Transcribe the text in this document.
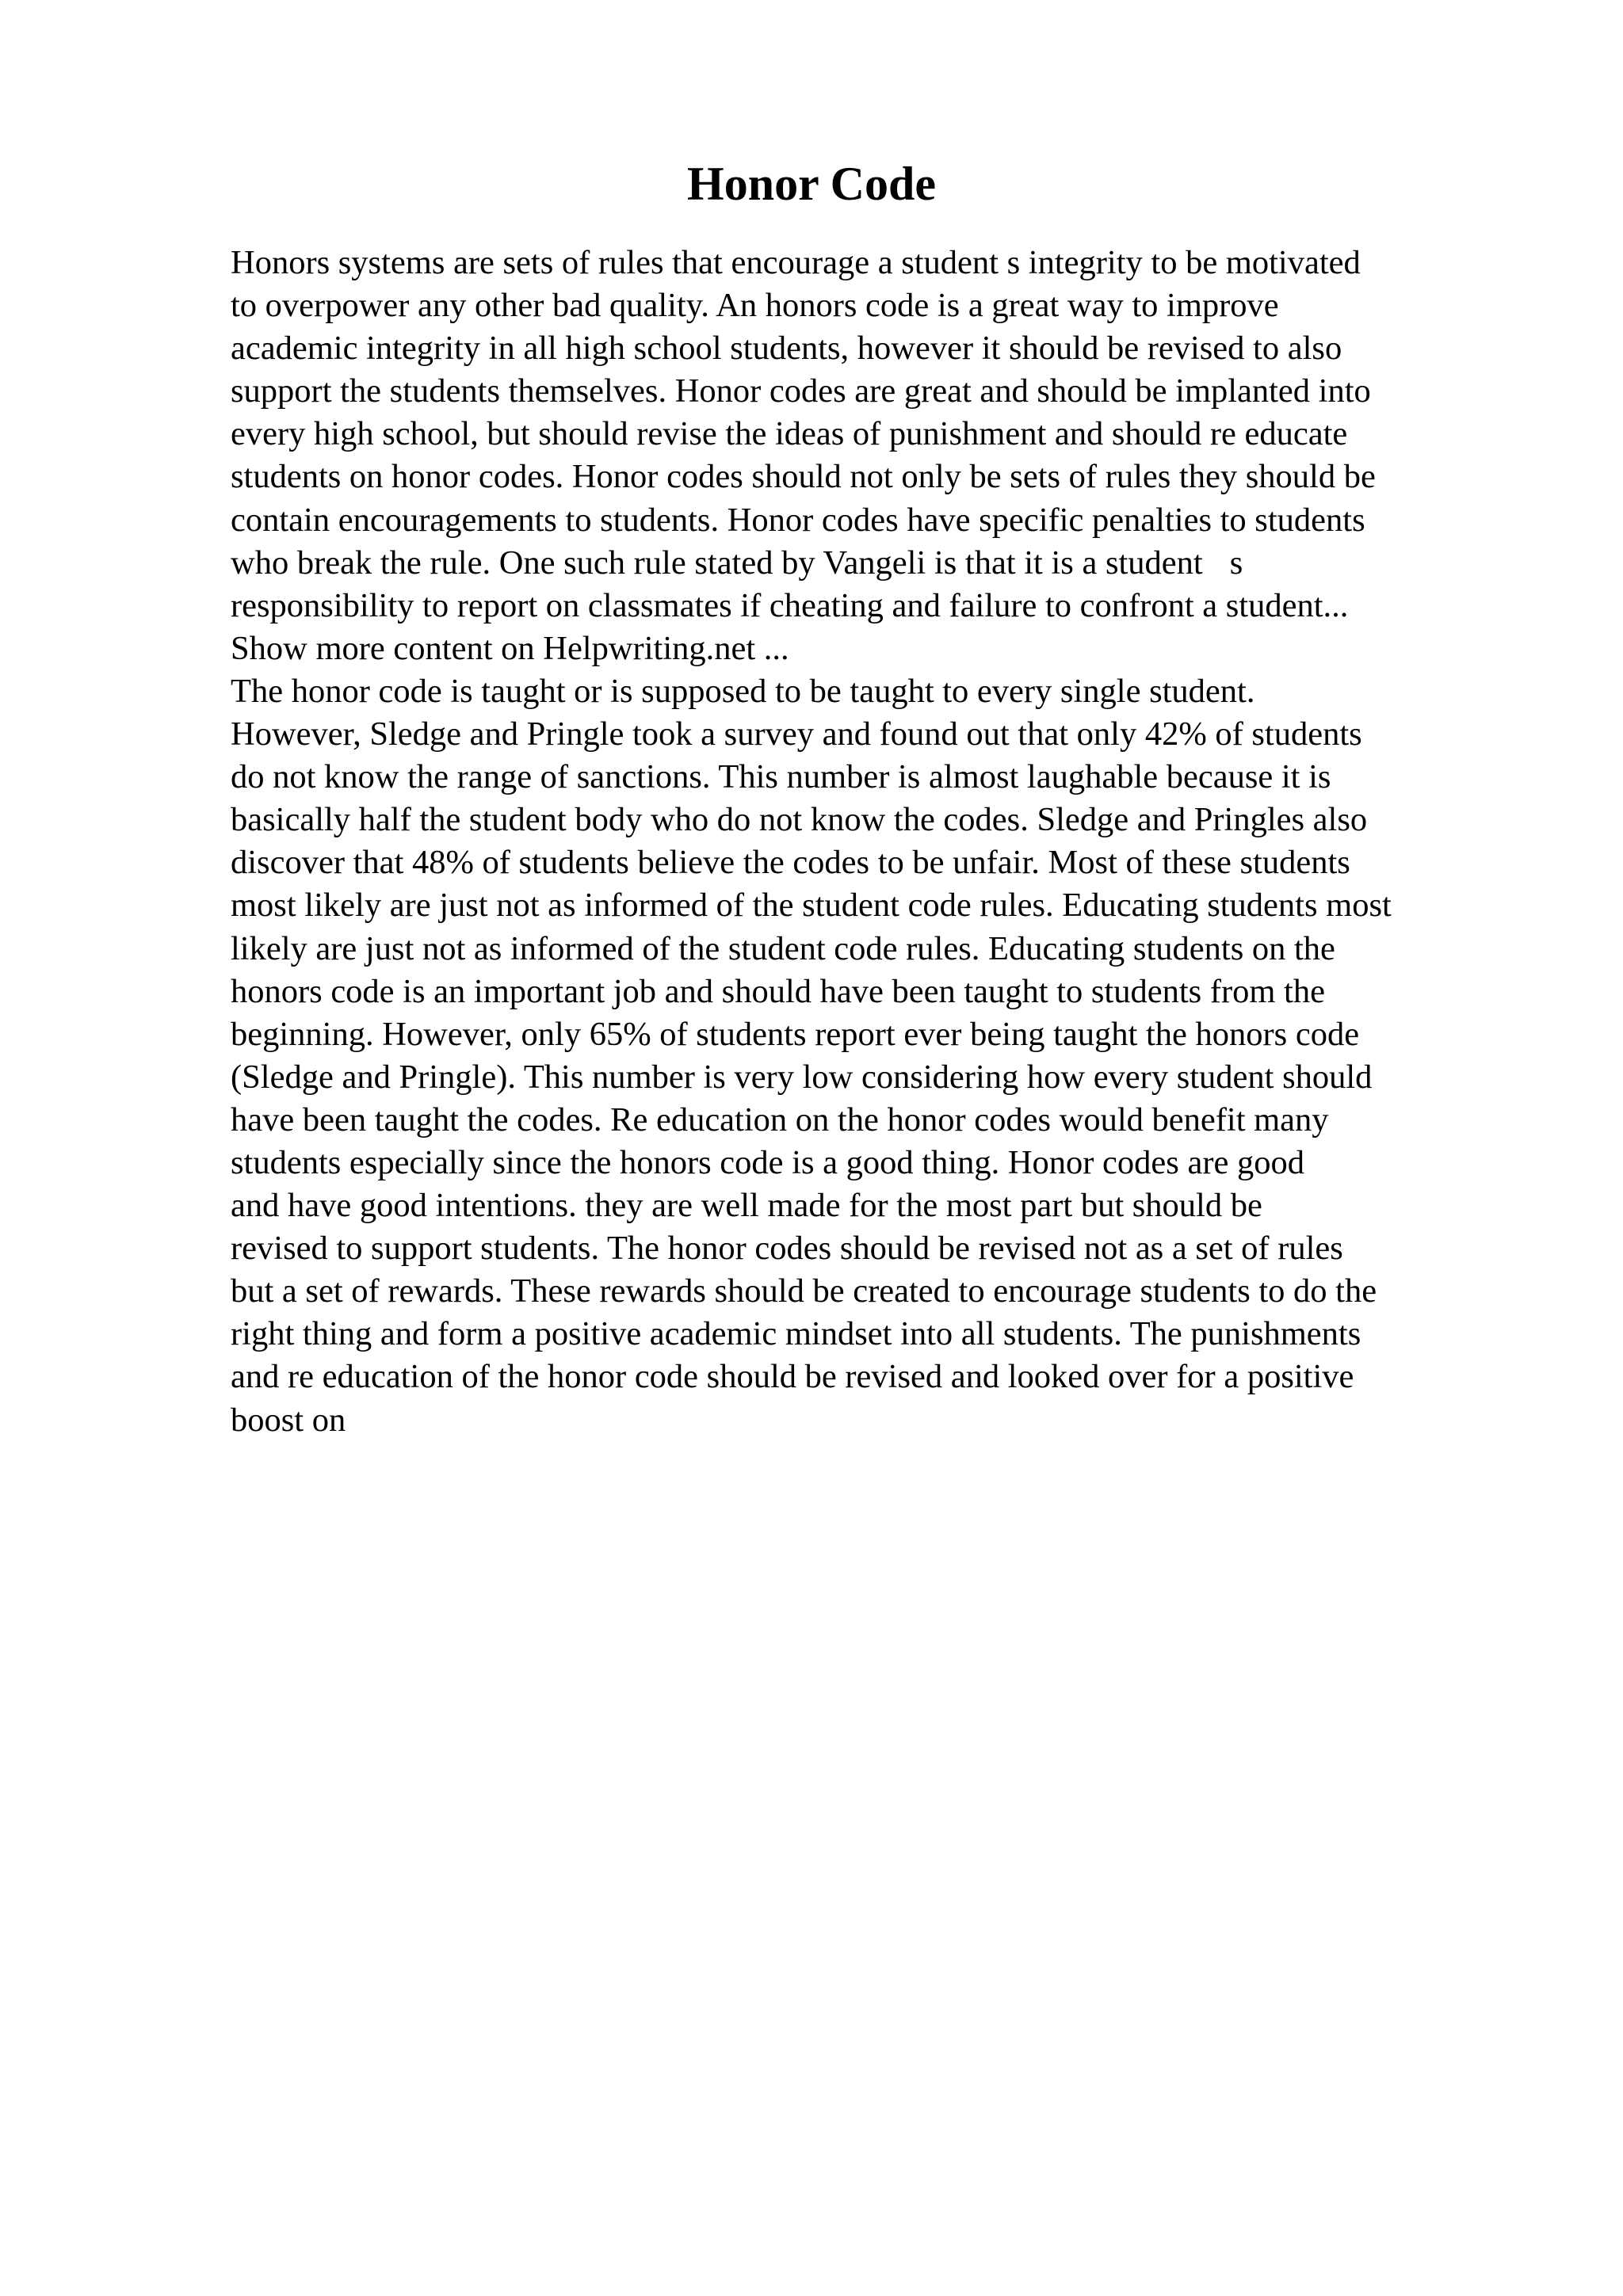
Honor Code
Honors systems are sets of rules that encourage a student s integrity to be motivated
to overpower any other bad quality. An honors code is a great way to improve
academic integrity in all high school students, however it should be revised to also
support the students themselves. Honor codes are great and should be implanted into
every high school, but should revise the ideas of punishment and should re educate
students on honor codes. Honor codes should not only be sets of rules they should be
contain encouragements to students. Honor codes have specific penalties to students
who break the rule. One such rule stated by Vangeli is that it is a students
responsibility to report on classmates if cheating and failure to confront a student...
Show more content on Helpwriting.net ...
The honor code is taught or is supposed to be taught to every single student.
However, Sledge and Pringle took a survey and found out that only 42% of students
do not know the range of sanctions. This number is almost laughable because it is
basically half the student body who do not know the codes. Sledge and Pringles also
discover that 48% of students believe the codes to be unfair. Most of these students
most likely are just not as informed of the student code rules. Educating students most
likely are just not as informed of the student code rules. Educating students on the
honors code is an important job and should have been taught to students from the
beginning. However, only 65% of students report ever being taught the honors code
(Sledge and Pringle). This number is very low considering how every student should
have been taught the codes. Re education on the honor codes would benefit many
students especially since the honors code is a good thing. Honor codes are good
and have good intentions. they are well made for the most part but should be
revised to support students. The honor codes should be revised not as a set of rules
but a set of rewards. These rewards should be created to encourage students to do the
right thing and form a positive academic mindset into all students. The punishments
and re education of the honor code should be revised and looked over for a positive
boost on
